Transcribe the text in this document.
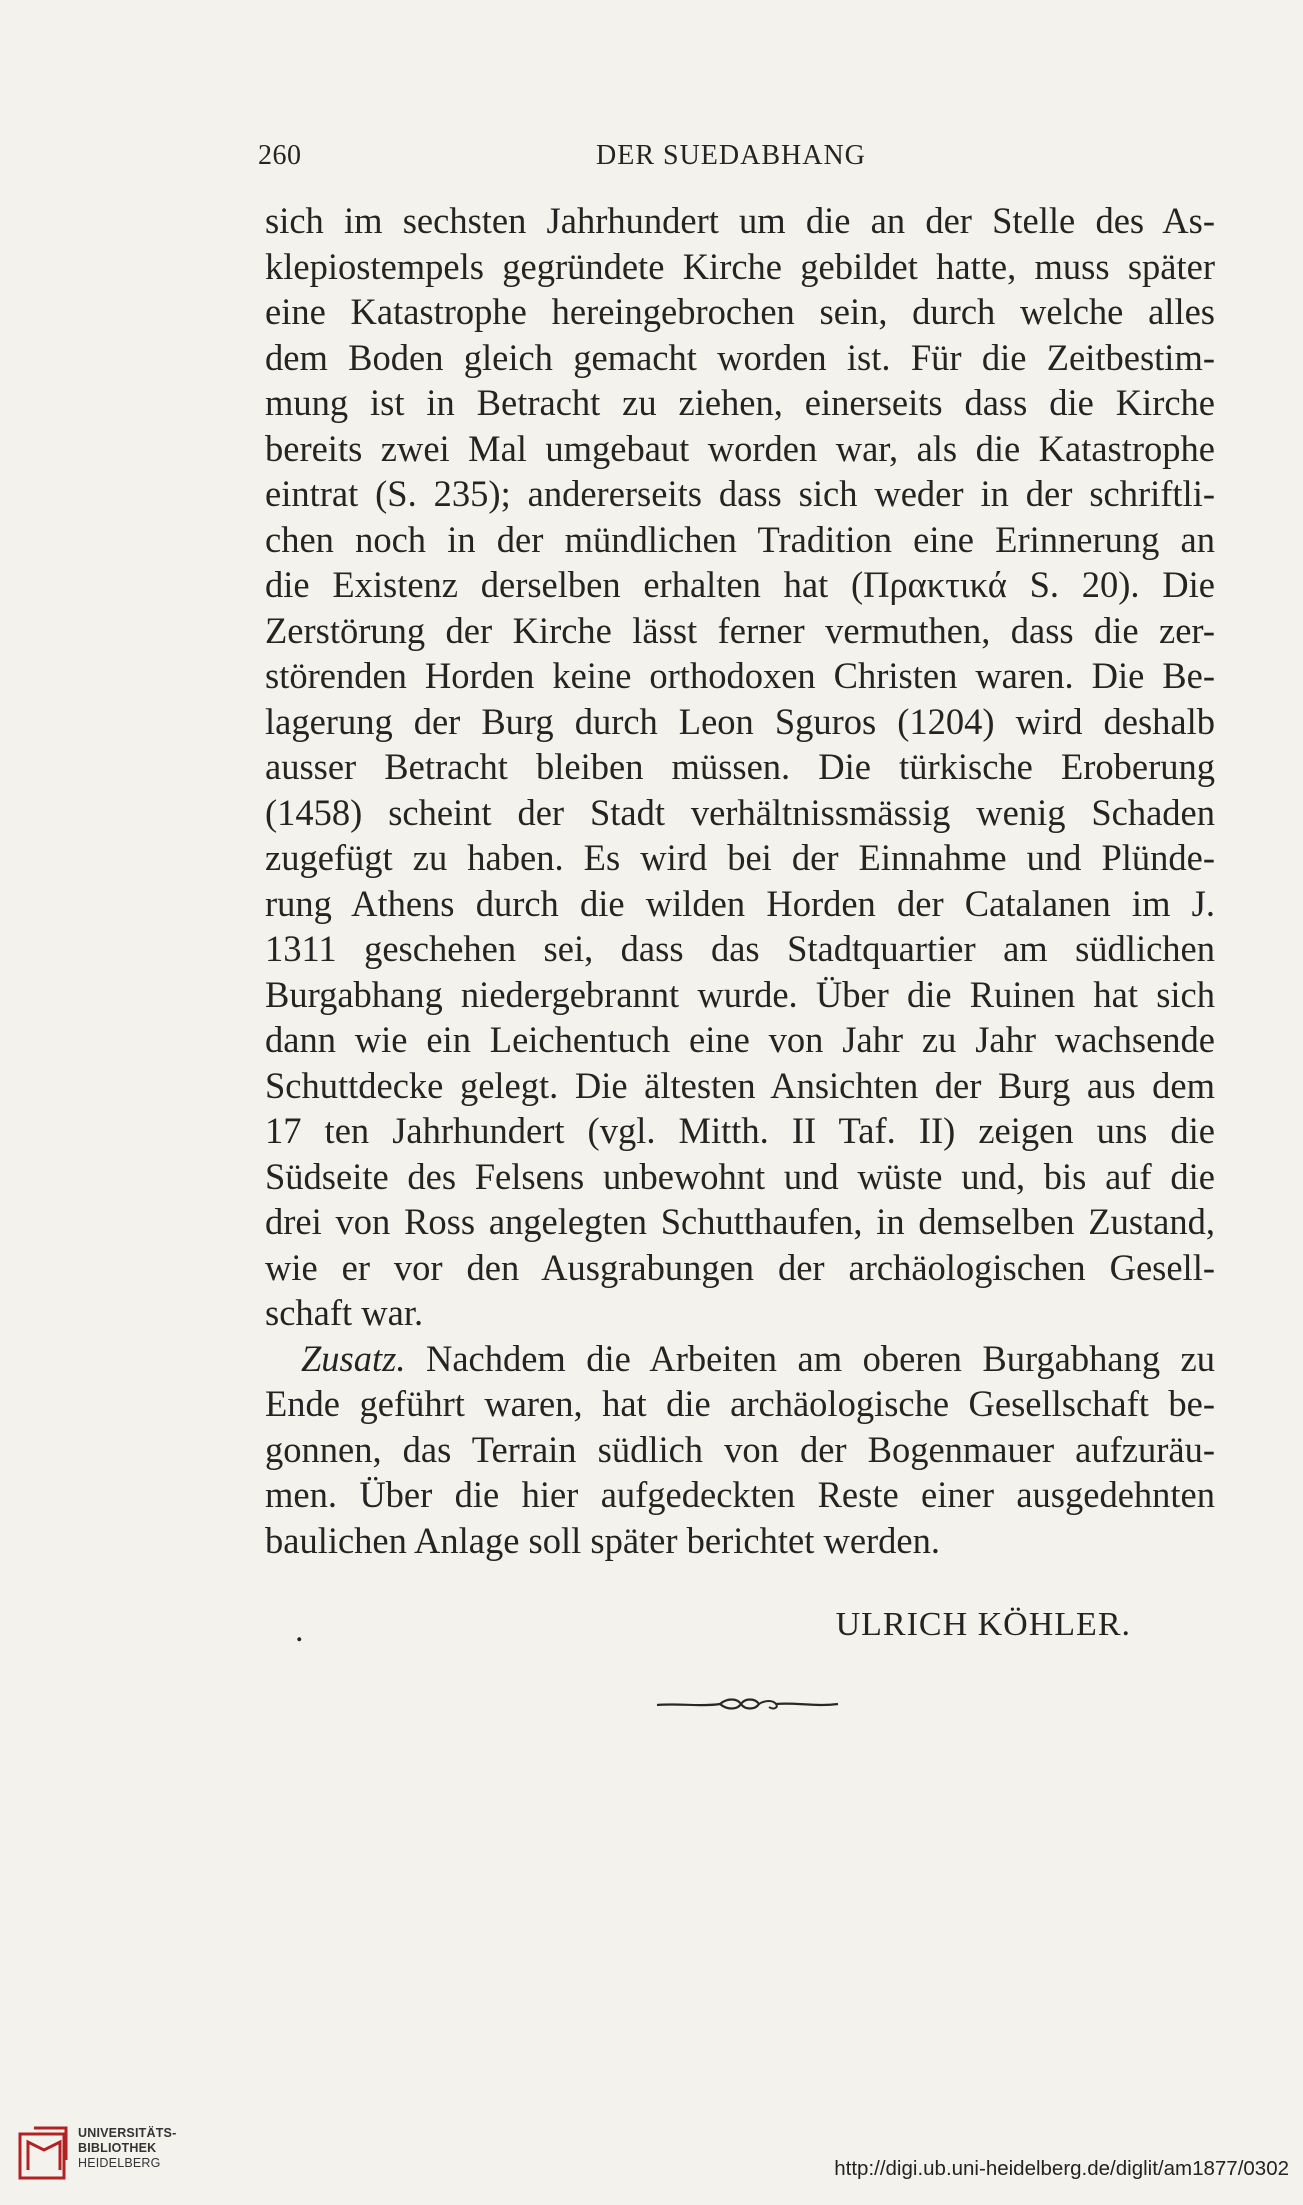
260	DER SUEDABHANG
sich im sechsten Jahrhundert um die an der Stelle des As-
klepiostempels gegründete Kirche gebildet hatte, muss später
eine Katastrophe hereingebrochen sein, durch welche alles
dem Boden gleich gemacht worden ist. Für die Zeitbestim-
mung ist in Betracht zu ziehen, einerseits dass die Kirche
bereits zwei Mal umgebaut worden war, als die Katastrophe
eintrat (S. 235); andererseits dass sich weder in der schriftli-
chen noch in der mündlichen Tradition eine Erinnerung an
die Existenz derselben erhalten hat (Πρακτικά S. 20). Die
Zerstörung der Kirche lässt ferner vermuthen, dass die zer-
störenden Horden keine orthodoxen Christen waren. Die Be-
lagerung der Burg durch Leon Sguros (1204) wird deshalb
ausser Betracht bleiben müssen. Die türkische Eroberung
(1458) scheint der Stadt verhältnissmässig wenig Schaden
zugefügt zu haben. Es wird bei der Einnahme und Plünde-
rung Athens durch die wilden Horden der Catalanen im J.
1311 geschehen sei, dass das Stadtquartier am südlichen
Burgabhang niedergebrannt wurde. Über die Ruinen hat sich
dann wie ein Leichentuch eine von Jahr zu Jahr wachsende
Schuttdecke gelegt. Die ältesten Ansichten der Burg aus dem
17 ten Jahrhundert (vgl. Mitth. II Taf. II) zeigen uns die
Südseite des Felsens unbewohnt und wüste und, bis auf die
drei von Ross angelegten Schutthaufen, in demselben Zustand,
wie er vor den Ausgrabungen der archäologischen Gesell-
schaft war.
Zusatz. Nachdem die Arbeiten am oberen Burgabhang zu
Ende geführt waren, hat die archäologische Gesellschaft be-
gonnen, das Terrain südlich von der Bogenmauer aufzuräu-
men. Über die hier aufgedeckten Reste einer ausgedehnten
baulichen Anlage soll später berichtet werden.
.	ULRICH KÖHLER.
UNIVERSITÄTS-
BIBLIOTHEK
HEIDELBERG	http://digi.ub.uni-heidelberg.de/diglit/am1877/0302
